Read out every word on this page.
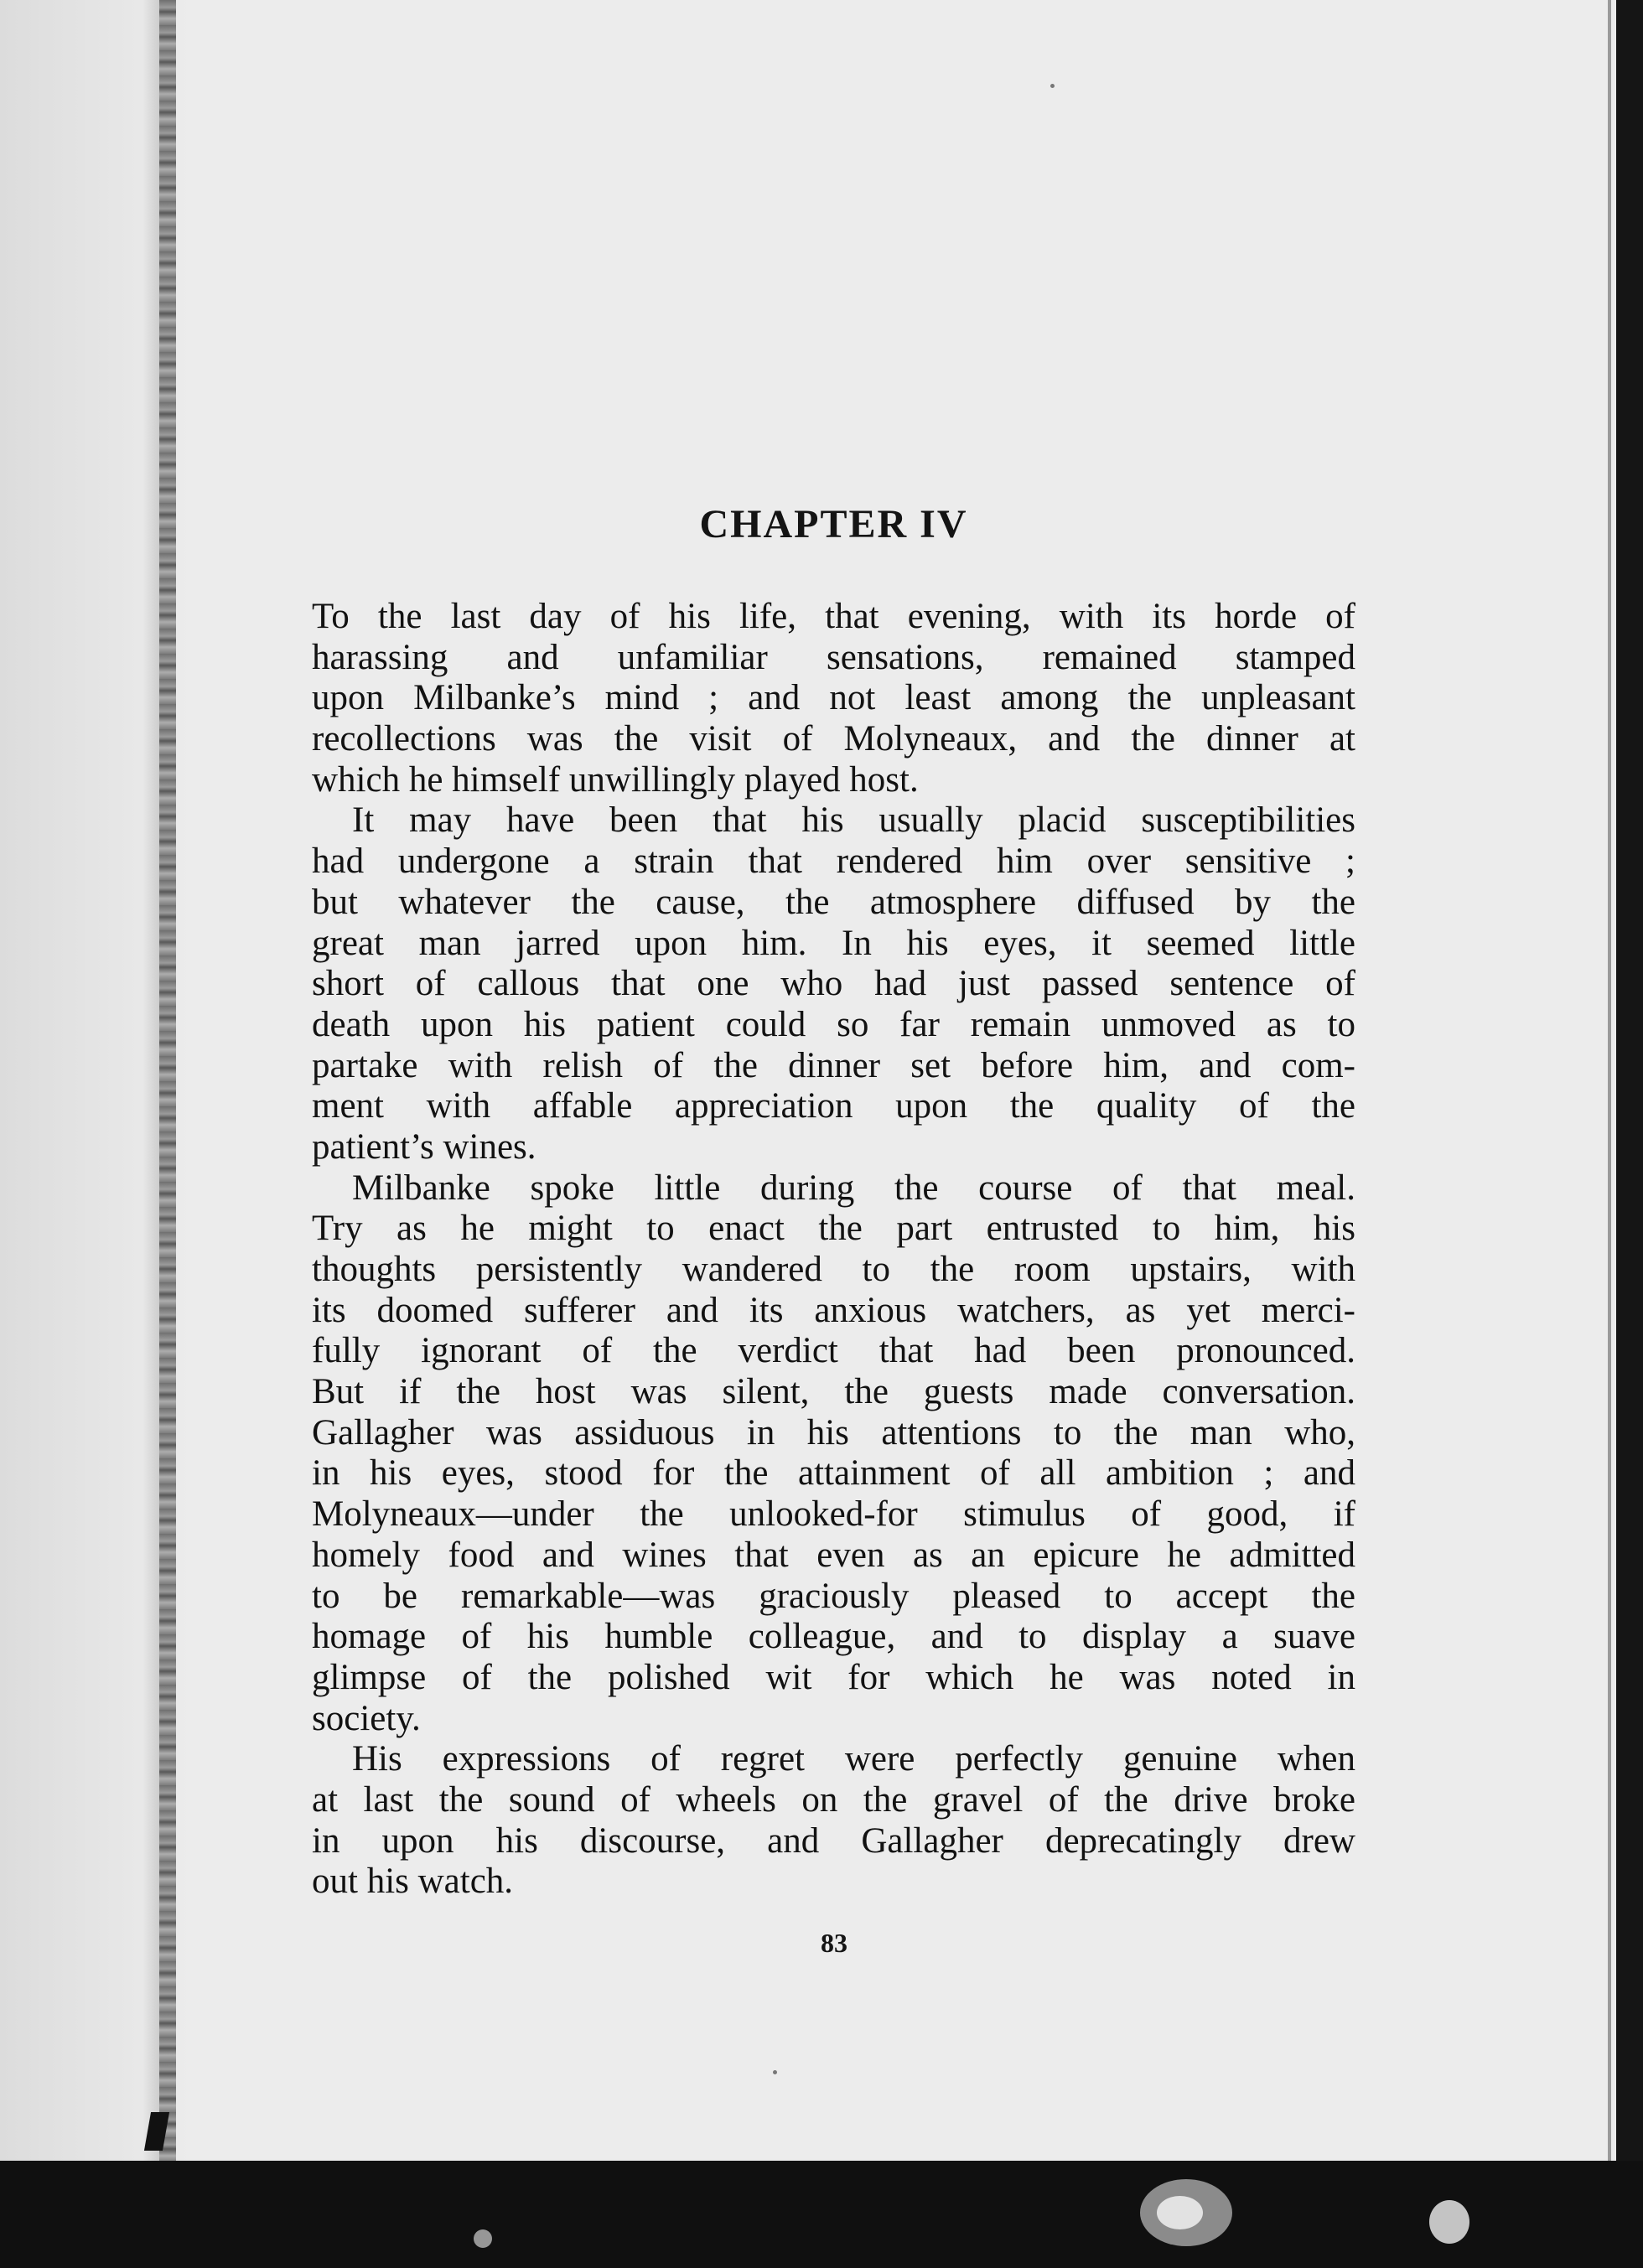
CHAPTER IV
To the last day of his life, that evening, with its horde of
harassing and unfamiliar sensations, remained stamped
upon Milbanke’s mind ; and not least among the unpleasant
recollections was the visit of Molyneaux, and the dinner at
which he himself unwillingly played host.
It may have been that his usually placid susceptibilities
had undergone a strain that rendered him over sensitive ;
but whatever the cause, the atmosphere diffused by the
great man jarred upon him. In his eyes, it seemed little
short of callous that one who had just passed sentence of
death upon his patient could so far remain unmoved as to
partake with relish of the dinner set before him, and com-
ment with affable appreciation upon the quality of the
patient’s wines.
Milbanke spoke little during the course of that meal.
Try as he might to enact the part entrusted to him, his
thoughts persistently wandered to the room upstairs, with
its doomed sufferer and its anxious watchers, as yet merci-
fully ignorant of the verdict that had been pronounced.
But if the host was silent, the guests made conversation.
Gallagher was assiduous in his attentions to the man who,
in his eyes, stood for the attainment of all ambition ; and
Molyneaux—under the unlooked-for stimulus of good, if
homely food and wines that even as an epicure he admitted
to be remarkable—was graciously pleased to accept the
homage of his humble colleague, and to display a suave
glimpse of the polished wit for which he was noted in
society.
His expressions of regret were perfectly genuine when
at last the sound of wheels on the gravel of the drive broke
in upon his discourse, and Gallagher deprecatingly drew
out his watch.
83
